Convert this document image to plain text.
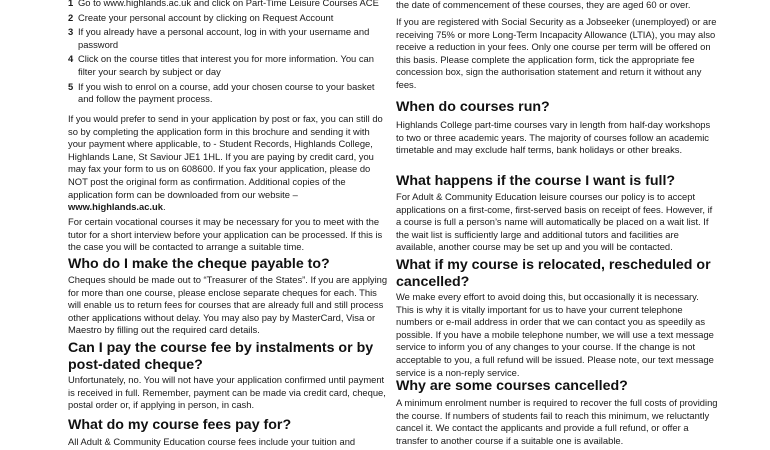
1 Go to www.highlands.ac.uk and click on Part-Time Leisure Courses ACE
2 Create your personal account by clicking on Request Account
3 If you already have a personal account, log in with your username and password
4 Click on the course titles that interest you for more information. You can filter your search by subject or day
5 If you wish to enrol on a course, add your chosen course to your basket and follow the payment process.

If you would prefer to send in your application by post or fax, you can still do so by completing the application form in this brochure and sending it with your payment where applicable, to - Student Records, Highlands College, Highlands Lane, St Saviour JE1 1HL. If you are paying by credit card, you may fax your form to us on 608600. If you fax your application, please do NOT post the original form as confirmation. Additional copies of the application form can be downloaded from our website – www.highlands.ac.uk.

For certain vocational courses it may be necessary for you to meet with the tutor for a short interview before your application can be processed. If this is the case you will be contacted to arrange a suitable time.

Who do I make the cheque payable to?

Cheques should be made out to “Treasurer of the States”. If you are applying for more than one course, please enclose separate cheques for each. This will enable us to return fees for courses that are already full and still process other applications without delay. You may also pay by MasterCard, Visa or Maestro by filling out the required card details.

Can I pay the course fee by instalments or by post-dated cheque?

Unfortunately, no. You will not have your application confirmed until payment is received in full. Remember, payment can be made via credit card, cheque, postal order or, if applying in person, in cash.

What do my course fees pay for?

All Adult & Community Education course fees include your tuition and

the date of commencement of these courses, they are aged 60 or over.

If you are registered with Social Security as a Jobseeker (unemployed) or are receiving 75% or more Long-Term Incapacity Allowance (LTIA), you may also receive a reduction in your fees. Only one course per term will be offered on this basis. Please complete the application form, tick the appropriate fee concession box, sign the authorisation statement and return it without any fees.

When do courses run?

Highlands College part-time courses vary in length from half-day workshops to two or three academic years. The majority of courses follow an academic timetable and may exclude half terms, bank holidays or other breaks.

What happens if the course I want is full?

For Adult & Community Education leisure courses our policy is to accept applications on a first-come, first-served basis on receipt of fees. However, if a course is full a person’s name will automatically be placed on a wait list. If the wait list is sufficiently large and additional tutors and facilities are available, another course may be set up and you will be contacted.

What if my course is relocated, rescheduled or cancelled?

We make every effort to avoid doing this, but occasionally it is necessary. This is why it is vitally important for us to have your current telephone numbers or e-mail address in order that we can contact you as speedily as possible. If you have a mobile telephone number, we will use a text message service to inform you of any changes to your course. If the change is not acceptable to you, a full refund will be issued. Please note, our text message service is a non-reply service.

Why are some courses cancelled?

A minimum enrolment number is required to recover the full costs of providing the course. If numbers of students fail to reach this minimum, we reluctantly cancel it. We contact the applicants and provide a full refund, or offer a transfer to another course if a suitable one is available.
